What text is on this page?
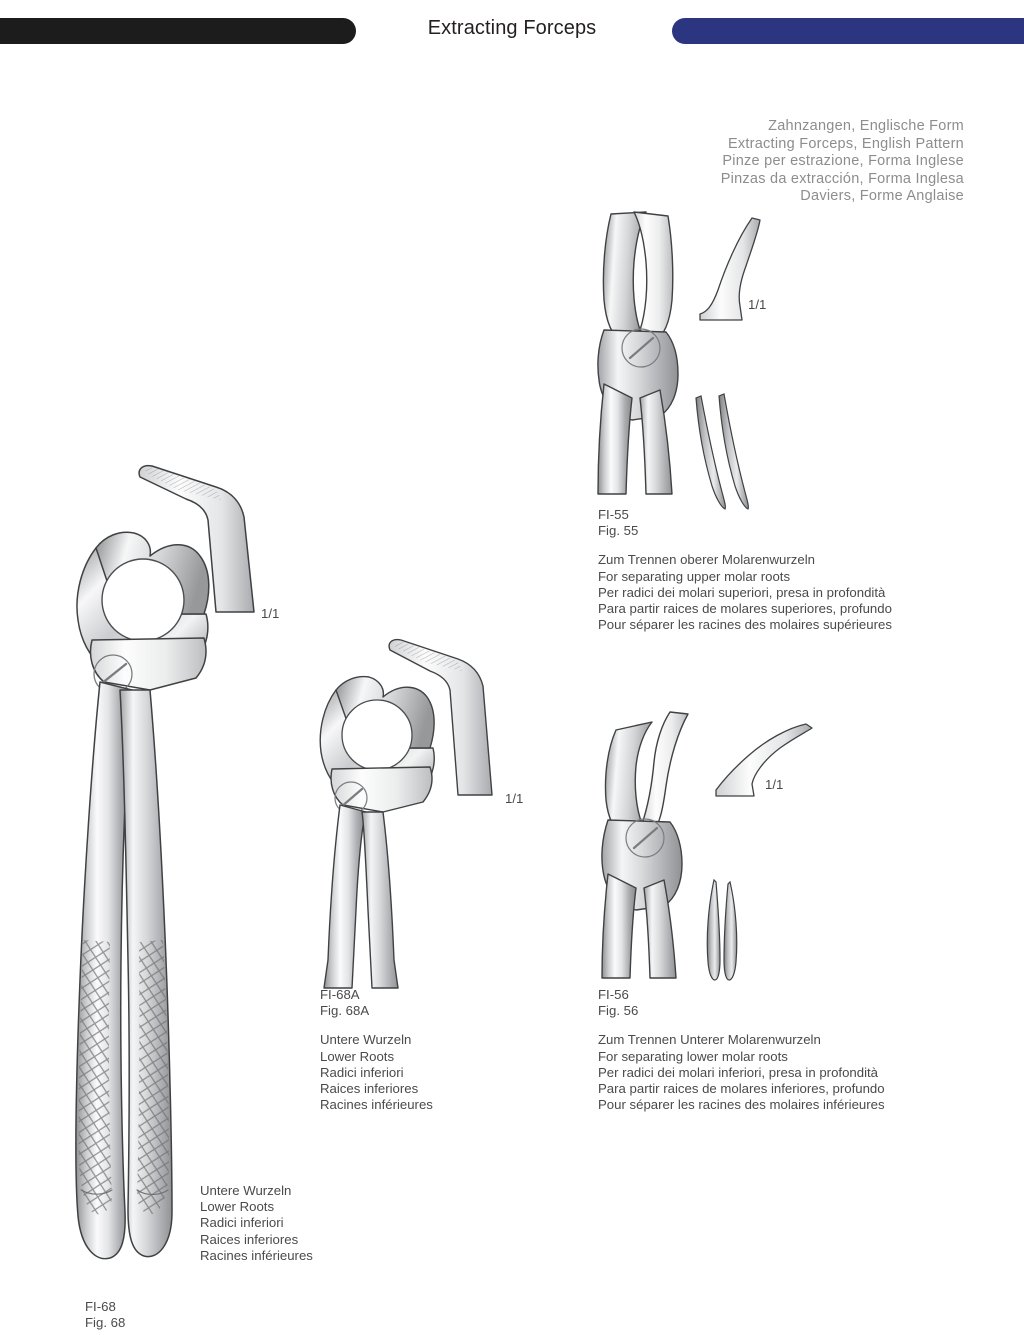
Extracting Forceps
Zahnzangen, Englische Form
Extracting Forceps, English Pattern
Pinze per estrazione, Forma Inglese
Pinzas da extracción, Forma Inglesa
Daviers, Forme Anglaise
1/1
1/1
1/1
1/1
FI-55
Fig. 55
Zum Trennen oberer Molarenwurzeln
For separating upper molar roots
Per radici dei molari superiori, presa in profondità
Para partir raices de molares superiores, profundo
Pour séparer les racines des molaires supérieures
FI-56
Fig. 56
Zum Trennen Unterer Molarenwurzeln
For separating lower molar roots
Per radici dei molari inferiori, presa in profondità
Para partir raices de molares inferiores, profundo
Pour séparer les racines des molaires inférieures
FI-68A
Fig. 68A
Untere Wurzeln
Lower Roots
Radici inferiori
Raices inferiores
Racines inférieures
Untere Wurzeln
Lower Roots
Radici inferiori
Raices inferiores
Racines inférieures
FI-68
Fig. 68
